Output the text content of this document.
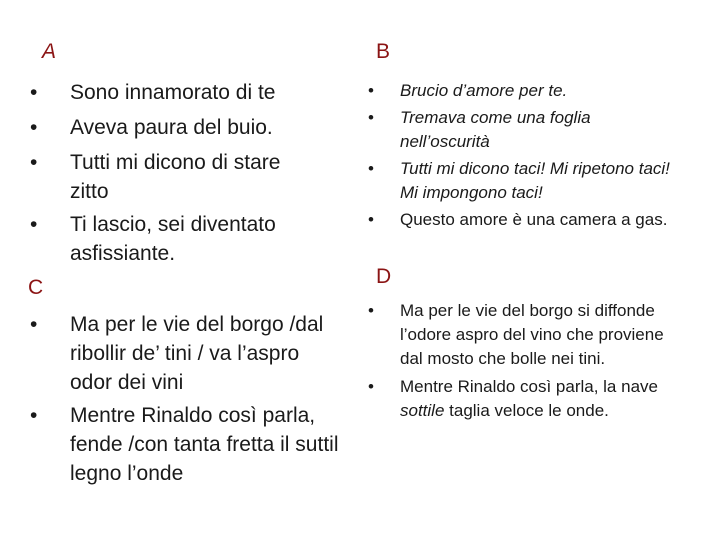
A
• Sono innamorato di te
• Aveva paura del buio.
• Tutti mi dicono di stare zitto
• Ti lascio, sei diventato asfissiante.
B
• Brucio d’amore per te.
• Tremava come una foglia nell’oscurità
• Tutti mi dicono taci! Mi ripetono taci! Mi impongono taci!
• Questo amore è una camera a gas.
C
• Ma per le vie del borgo /dal ribollir de’ tini / va l’aspro odor dei vini
• Mentre Rinaldo così parla, fende /con tanta fretta il suttil legno l’onde
D
• Ma per le vie del borgo si diffonde l’odore aspro del vino che proviene dal mosto che bolle nei tini.
• Mentre Rinaldo così parla, la nave sottile taglia veloce le onde.
